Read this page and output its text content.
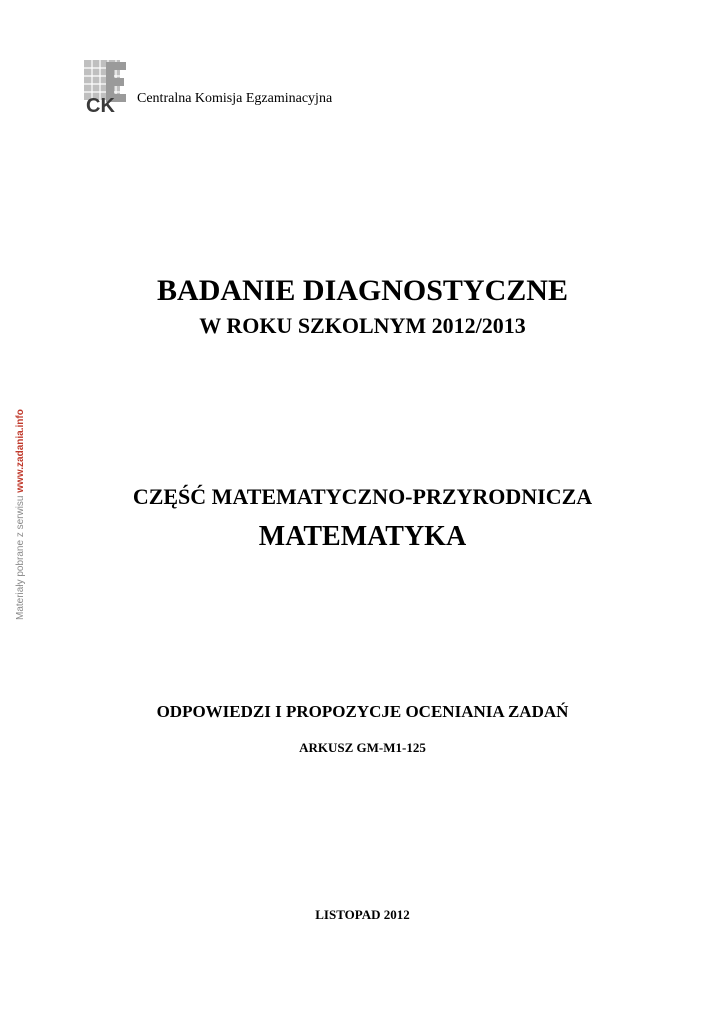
CK Centralna Komisja Egzaminacyjna
Materiały pobrane z serwisu www.zadania.info
BADANIE DIAGNOSTYCZNE
W ROKU SZKOLNYM 2012/2013
CZĘŚĆ MATEMATYCZNO-PRZYRODNICZA
MATEMATYKA
ODPOWIEDZI I PROPOZYCJE OCENIANIA ZADAŃ
ARKUSZ GM-M1-125
LISTOPAD 2012
